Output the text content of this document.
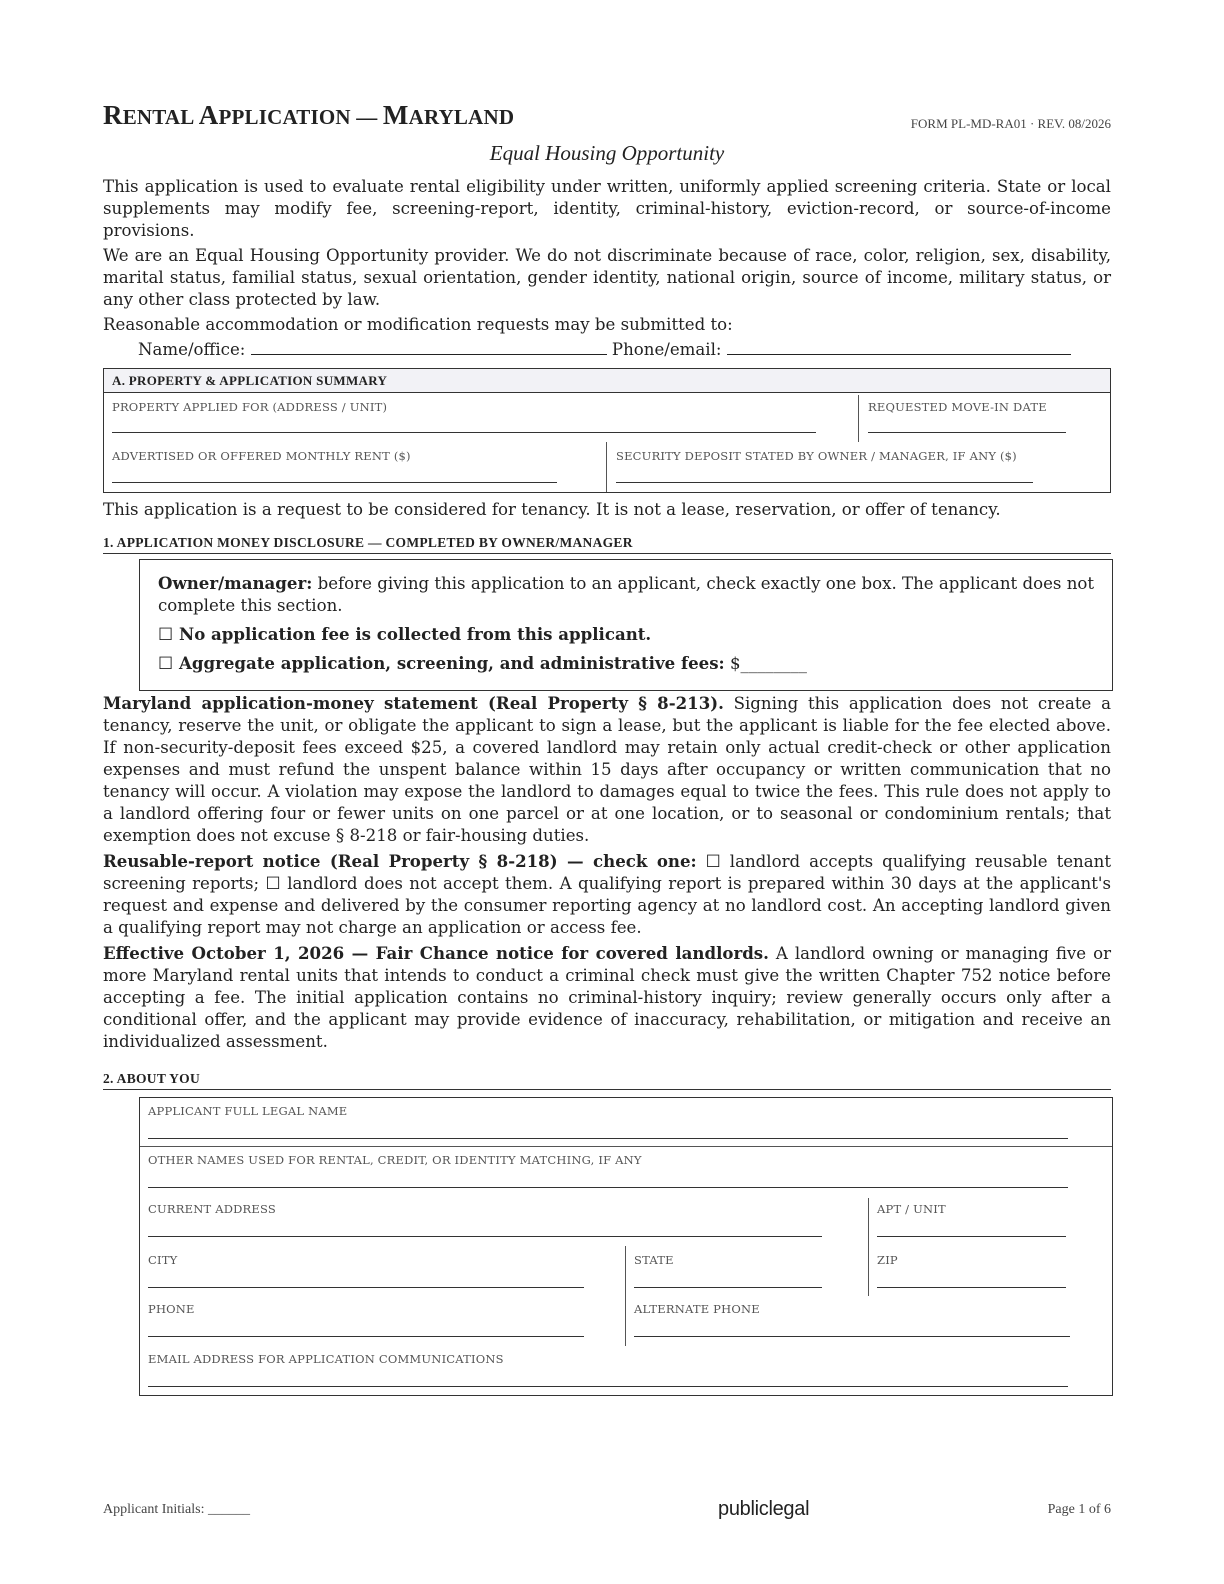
RENTAL APPLICATION — MARYLAND	FORM PL-MD-RA01 · REV. 08/2026
Equal Housing Opportunity

This application is used to evaluate rental eligibility under written, uniformly applied screening criteria. State or local supplements may modify fee, screening-report, identity, criminal-history, eviction-record, or source-of-income provisions.

We are an Equal Housing Opportunity provider. We do not discriminate because of race, color, religion, sex, disability, marital status, familial status, sexual orientation, gender identity, national origin, source of income, military status, or any other class protected by law.

Reasonable accommodation or modification requests may be submitted to:

Name/office:	Phone/email:

A. PROPERTY & APPLICATION SUMMARY
PROPERTY APPLIED FOR (ADDRESS / UNIT)	REQUESTED MOVE-IN DATE
ADVERTISED OR OFFERED MONTHLY RENT ($)	SECURITY DEPOSIT STATED BY OWNER / MANAGER, IF ANY ($)

This application is a request to be considered for tenancy. It is not a lease, reservation, or offer of tenancy.

1. APPLICATION MONEY DISCLOSURE — COMPLETED BY OWNER/MANAGER

Owner/manager: before giving this application to an applicant, check exactly one box. The applicant does not complete this section.

☐ No application fee is collected from this applicant.

☐ Aggregate application, screening, and administrative fees: $________

Maryland application-money statement (Real Property § 8-213). Signing this application does not create a tenancy, reserve the unit, or obligate the applicant to sign a lease, but the applicant is liable for the fee elected above. If non-security-deposit fees exceed $25, a covered landlord may retain only actual credit-check or other application expenses and must refund the unspent balance within 15 days after occupancy or written communication that no tenancy will occur. A violation may expose the landlord to damages equal to twice the fees. This rule does not apply to a landlord offering four or fewer units on one parcel or at one location, or to seasonal or condominium rentals; that exemption does not excuse § 8-218 or fair-housing duties.

Reusable-report notice (Real Property § 8-218) — check one: ☐ landlord accepts qualifying reusable tenant screening reports; ☐ landlord does not accept them. A qualifying report is prepared within 30 days at the applicant's request and expense and delivered by the consumer reporting agency at no landlord cost. An accepting landlord given a qualifying report may not charge an application or access fee.

Effective October 1, 2026 — Fair Chance notice for covered landlords. A landlord owning or managing five or more Maryland rental units that intends to conduct a criminal check must give the written Chapter 752 notice before accepting a fee. The initial application contains no criminal-history inquiry; review generally occurs only after a conditional offer, and the applicant may provide evidence of inaccuracy, rehabilitation, or mitigation and receive an individualized assessment.

2. ABOUT YOU
APPLICANT FULL LEGAL NAME
OTHER NAMES USED FOR RENTAL, CREDIT, OR IDENTITY MATCHING, IF ANY
CURRENT ADDRESS	APT / UNIT
CITY	STATE	ZIP
PHONE	ALTERNATE PHONE
EMAIL ADDRESS FOR APPLICATION COMMUNICATIONS
Applicant Initials: ______	publiclegal	Page 1 of 6
